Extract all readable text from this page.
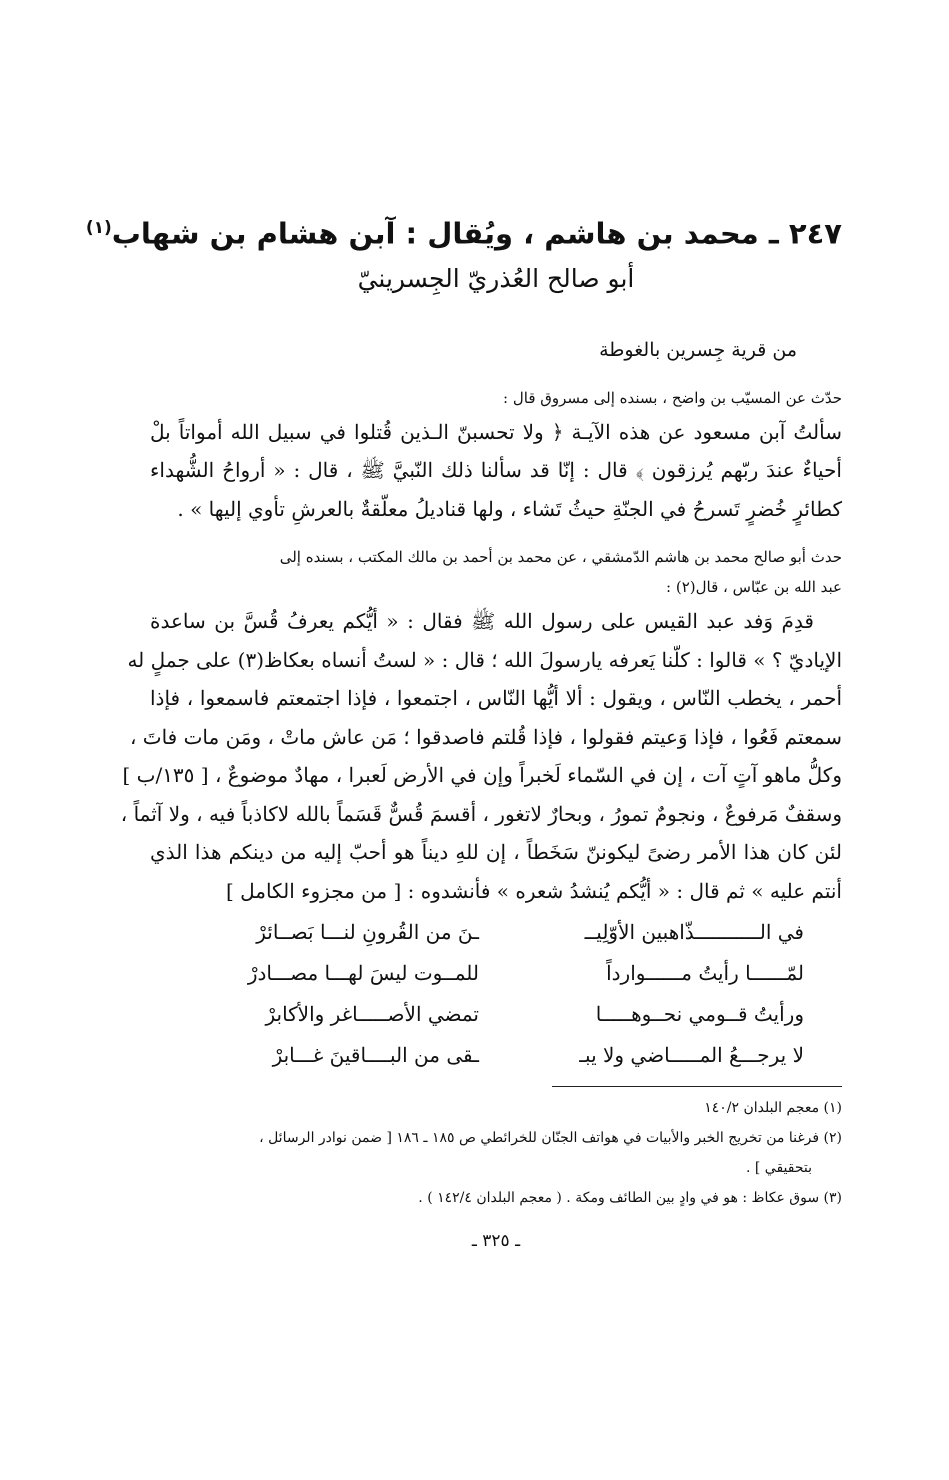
٢٤٧ ـ محمد بن هاشم ، ويُقال : آبن هشام بن شهاب$^{(١)}$

أبو صالح العُذريّ الجِسرينيّ

من قرية جِسرين بالغوطة

حدّث عن المسيّب بن واضح ، بسنده إلى مسروق قال :

سألتُ آبن مسعود عن هذه الآيـة ﴿ ولا تحسبنّ الـذين قُتلوا في سبيل الله أمواتاً بلْ

أحياءٌ عندَ ربّهم يُرزقون ﴾ قال : إنّا قد سألنا ذلك النّبيَّ ﷺ ، قال : « أرواحُ الشُّهداء

كطائرٍ خُضرٍ تَسرحُ في الجنّةِ حيثُ تَشاء ، ولها قناديلُ معلّقةٌ بالعرشِ تأوي إليها » .

حدث أبو صالح محمد بن هاشم الدّمشقي ، عن محمد بن أحمد بن مالك المكتب ، بسنده إلى

عبد الله بن عبّاس ، قال(٢) :

قدِمَ وَفد عبد القيس على رسول الله ﷺ فقال : « أيُّكم يعرفُ قُسَّ بن ساعدة

الإياديّ ؟ » قالوا : كلّنا يَعرفه يارسولَ الله ؛ قال : « لستُ أنساه بعكاظ(٣) على جملٍ له

أحمر ، يخطب النّاس ، ويقول : ألا أيُّها النّاس ، اجتمعوا ، فإذا اجتمعتم فاسمعوا ، فإذا

سمعتم فَعُوا ، فإذا وَعيتم فقولوا ، فإذا قُلتم فاصدقوا ؛ مَن عاش ماتْ ، ومَن مات فاتَ ،

وكلُّ ماهو آتٍ آت ، إن في السّماء لَخبراً وإن في الأرض لَعبرا ، مهادٌ موضوعٌ ، [ ١٣٥/ب ]

وسقفٌ مَرفوعٌ ، ونجومٌ تمورُ ، وبحارٌ لاتغور ، أقسمَ قُسٌّ قَسَماً بالله لاكاذباً فيه ، ولا آثماً ،

لئن كان هذا الأمر رضىً ليكوننّ سَخَطاً ، إن للهِ ديناً هو أحبّ إليه من دينكم هذا الذي

أنتم عليه » ثم قال : « أيُّكم يُنشدُ شعره » فأنشدوه : [ من مجزوء الكامل ]

في الـــــــــــذّاهبين الأوّلِيــ
ـنَ من القُرونِ لنـــا بَصــائرْ
لمّــــــا رأيتُ مــــــوارداً
للمــوت ليسَ لهـــا مصـــادرْ
ورأيتُ قــومي نحــوهـــــا
تمضي الأصـــــاغر والأكابرْ
لا يرجـــعُ المـــــاضي ولا يبـ
ـقى من البــــاقينَ غـــابرْ

(١) معجم البلدان ١٤٠/٢

(٢) فرغنا من تخريج الخبر والأبيات في هواتف الجنّان للخرائطي ص ١٨٥ ـ ١٨٦ [ ضمن نوادر الرسائل ،

بتحقيقي ] .

(٣) سوق عكاظ : هو في وادٍ بين الطائف ومكة . ( معجم البلدان ١٤٢/٤ ) .

ـ ٣٢٥ ـ
